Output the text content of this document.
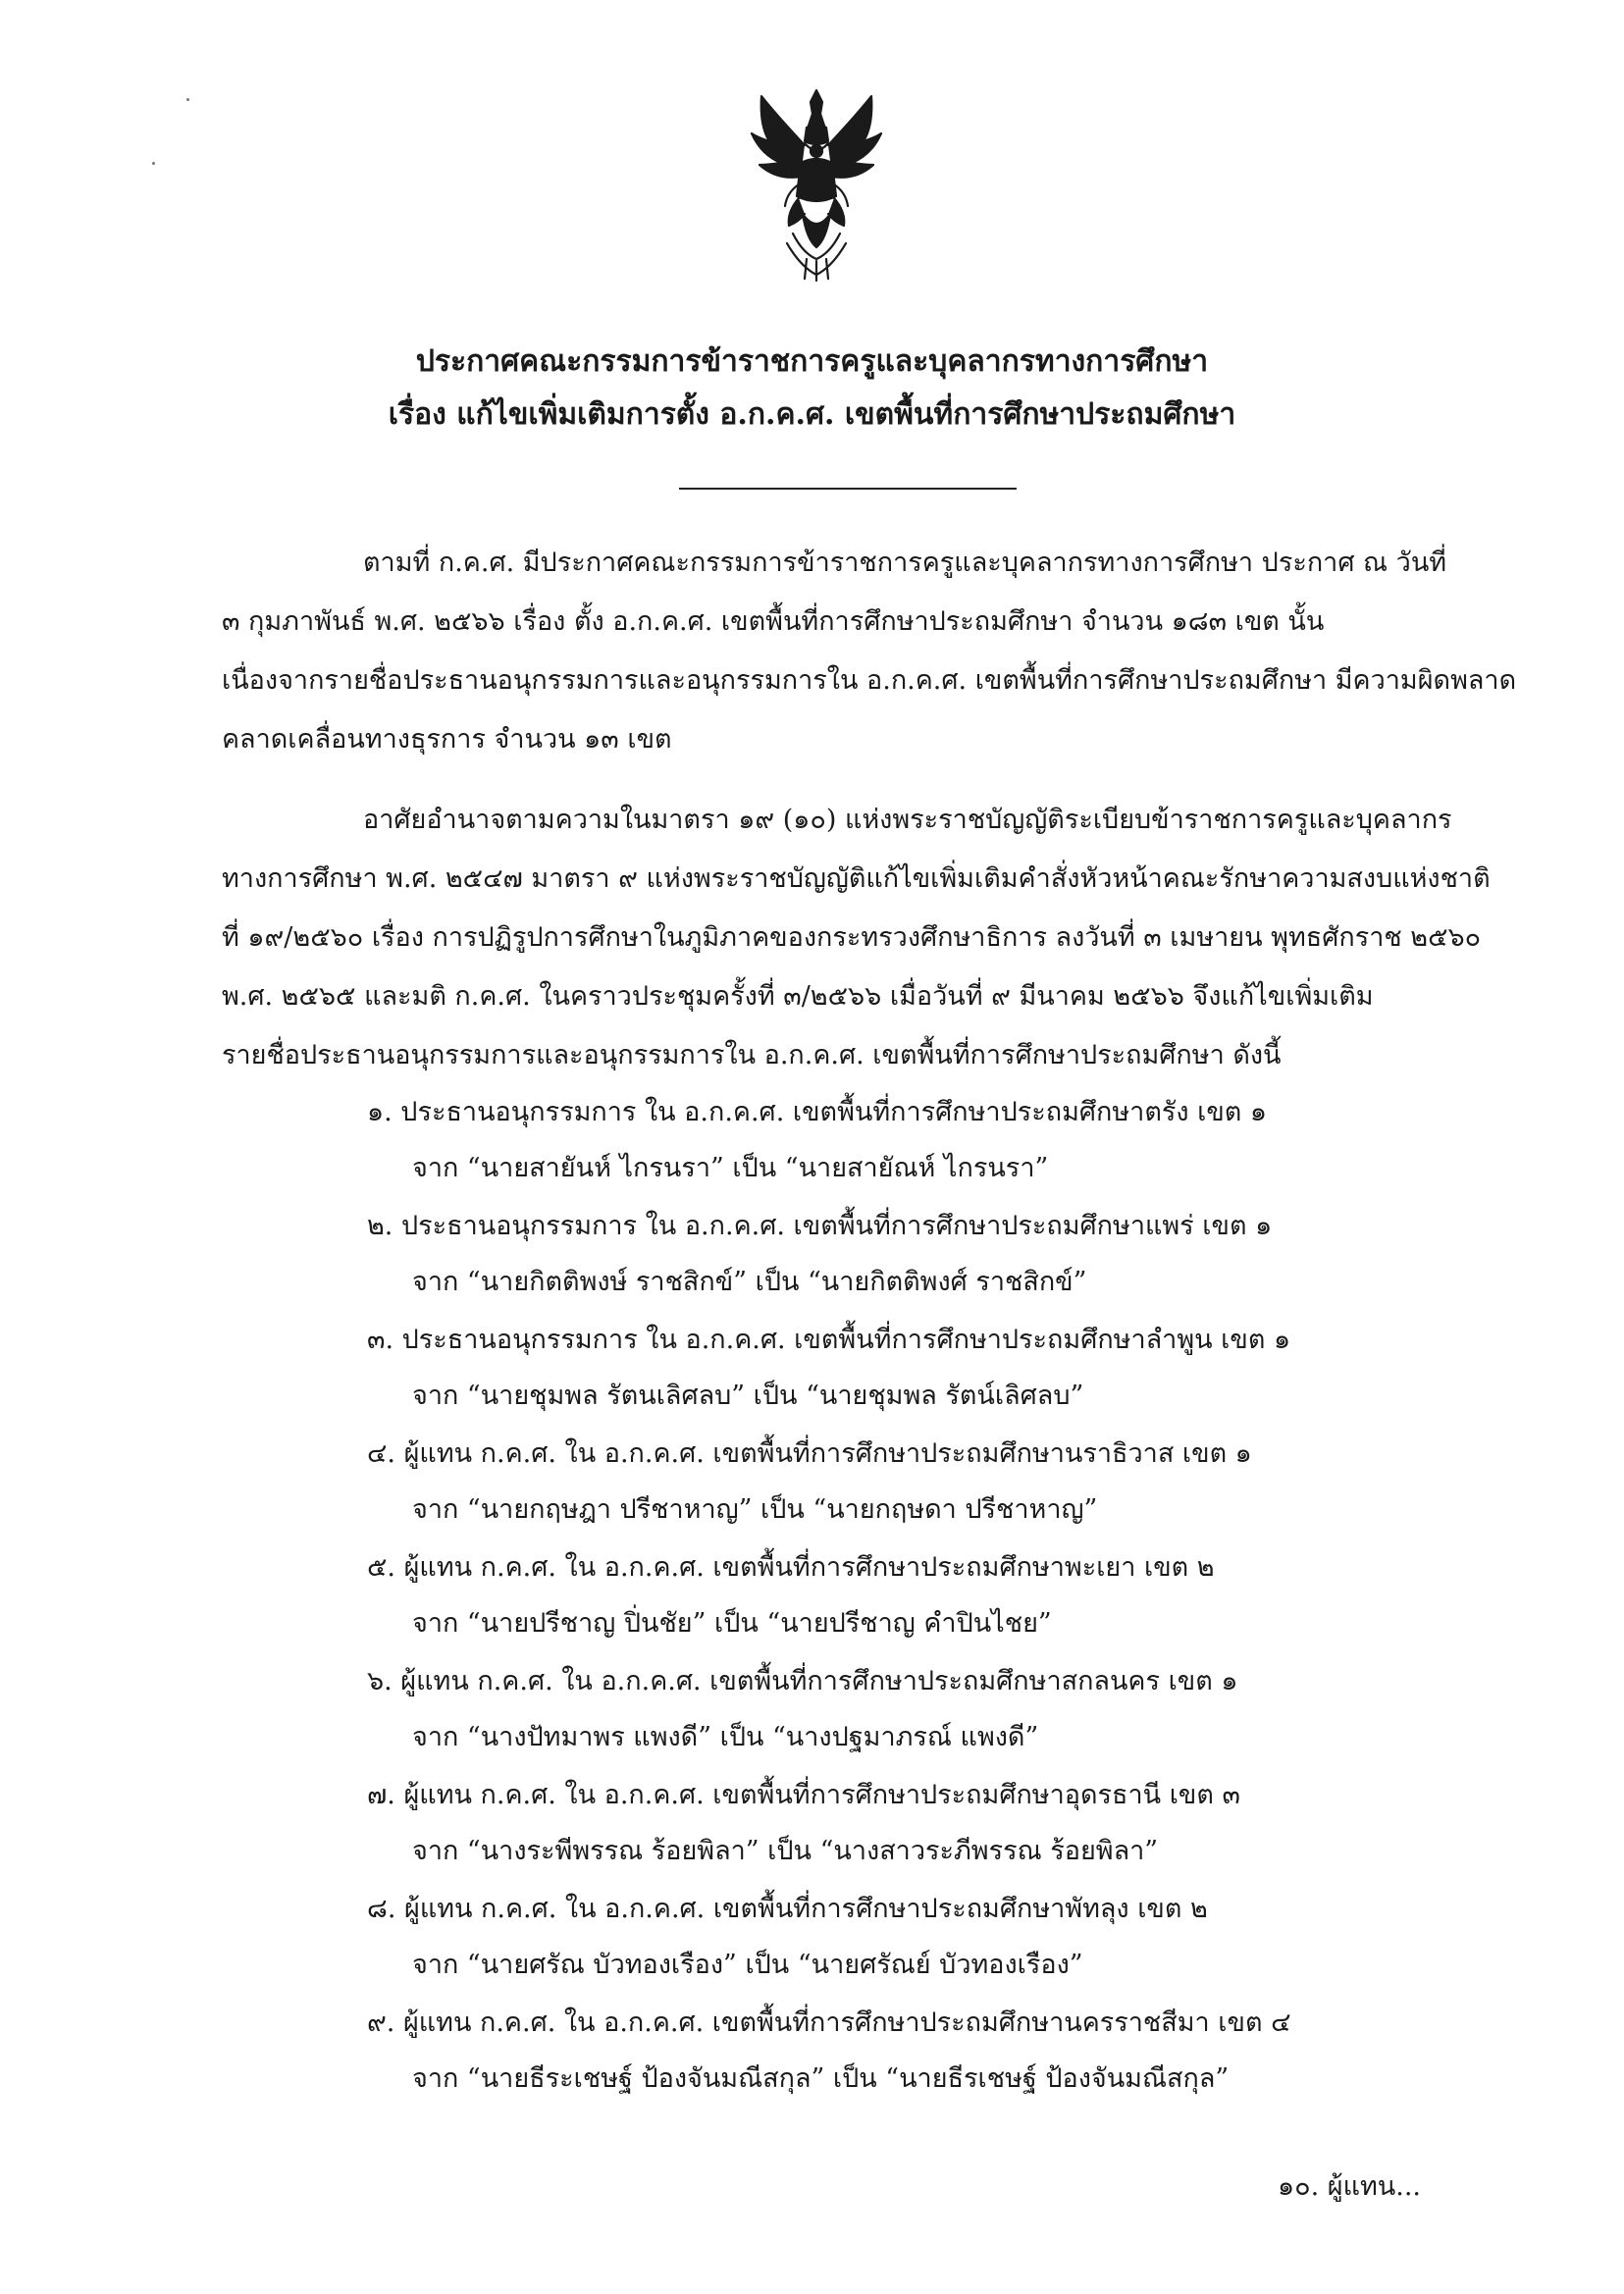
ประกาศคณะกรรมการข้าราชการครูและบุคลากรทางการศึกษา
เรื่อง แก้ไขเพิ่มเติมการตั้ง อ.ก.ค.ศ. เขตพื้นที่การศึกษาประถมศึกษา

ตามที่ ก.ค.ศ. มีประกาศคณะกรรมการข้าราชการครูและบุคลากรทางการศึกษา ประกาศ ณ วันที่

๓ กุมภาพันธ์ พ.ศ. ๒๕๖๖ เรื่อง ตั้ง อ.ก.ค.ศ. เขตพื้นที่การศึกษาประถมศึกษา จำนวน ๑๘๓ เขต นั้น

เนื่องจากรายชื่อประธานอนุกรรมการและอนุกรรมการใน อ.ก.ค.ศ. เขตพื้นที่การศึกษาประถมศึกษา มีความผิดพลาด

คลาดเคลื่อนทางธุรการ จำนวน ๑๓ เขต

อาศัยอำนาจตามความในมาตรา ๑๙ (๑๐) แห่งพระราชบัญญัติระเบียบข้าราชการครูและบุคลากร

ทางการศึกษา พ.ศ. ๒๕๔๗ มาตรา ๙ แห่งพระราชบัญญัติแก้ไขเพิ่มเติมคำสั่งหัวหน้าคณะรักษาความสงบแห่งชาติ

ที่ ๑๙/๒๕๖๐ เรื่อง การปฏิรูปการศึกษาในภูมิภาคของกระทรวงศึกษาธิการ ลงวันที่ ๓ เมษายน พุทธศักราช ๒๕๖๐

พ.ศ. ๒๕๖๕ และมติ ก.ค.ศ. ในคราวประชุมครั้งที่ ๓/๒๕๖๖ เมื่อวันที่ ๙ มีนาคม ๒๕๖๖ จึงแก้ไขเพิ่มเติม

รายชื่อประธานอนุกรรมการและอนุกรรมการใน อ.ก.ค.ศ. เขตพื้นที่การศึกษาประถมศึกษา ดังนี้

๑. ประธานอนุกรรมการ ใน อ.ก.ค.ศ. เขตพื้นที่การศึกษาประถมศึกษาตรัง เขต ๑
จาก “นายสายันห์ ไกรนรา” เป็น “นายสายัณห์ ไกรนรา”
๒. ประธานอนุกรรมการ ใน อ.ก.ค.ศ. เขตพื้นที่การศึกษาประถมศึกษาแพร่ เขต ๑
จาก “นายกิตติพงษ์ ราชสิกข์” เป็น “นายกิตติพงศ์ ราชสิกข์”
๓. ประธานอนุกรรมการ ใน อ.ก.ค.ศ. เขตพื้นที่การศึกษาประถมศึกษาลำพูน เขต ๑
จาก “นายชุมพล รัตนเลิศลบ” เป็น “นายชุมพล รัตน์เลิศลบ”
๔. ผู้แทน ก.ค.ศ. ใน อ.ก.ค.ศ. เขตพื้นที่การศึกษาประถมศึกษานราธิวาส เขต ๑
จาก “นายกฤษฎา ปรีชาหาญ” เป็น “นายกฤษดา ปรีชาหาญ”
๕. ผู้แทน ก.ค.ศ. ใน อ.ก.ค.ศ. เขตพื้นที่การศึกษาประถมศึกษาพะเยา เขต ๒
จาก “นายปรีชาญ ปิ่นชัย” เป็น “นายปรีชาญ คำปินไชย”
๖. ผู้แทน ก.ค.ศ. ใน อ.ก.ค.ศ. เขตพื้นที่การศึกษาประถมศึกษาสกลนคร เขต ๑
จาก “นางปัทมาพร แพงดี” เป็น “นางปฐมาภรณ์ แพงดี”
๗. ผู้แทน ก.ค.ศ. ใน อ.ก.ค.ศ. เขตพื้นที่การศึกษาประถมศึกษาอุดรธานี เขต ๓
จาก “นางระพีพรรณ ร้อยพิลา” เป็น “นางสาวระภีพรรณ ร้อยพิลา”
๘. ผู้แทน ก.ค.ศ. ใน อ.ก.ค.ศ. เขตพื้นที่การศึกษาประถมศึกษาพัทลุง เขต ๒
จาก “นายศรัณ บัวทองเรือง” เป็น “นายศรัณย์ บัวทองเรือง”
๙. ผู้แทน ก.ค.ศ. ใน อ.ก.ค.ศ. เขตพื้นที่การศึกษาประถมศึกษานครราชสีมา เขต ๔
จาก “นายธีระเชษฐ์ ป้องจันมณีสกุล” เป็น “นายธีรเชษฐ์ ป้องจันมณีสกุล”
๑๐. ผู้แทน...
